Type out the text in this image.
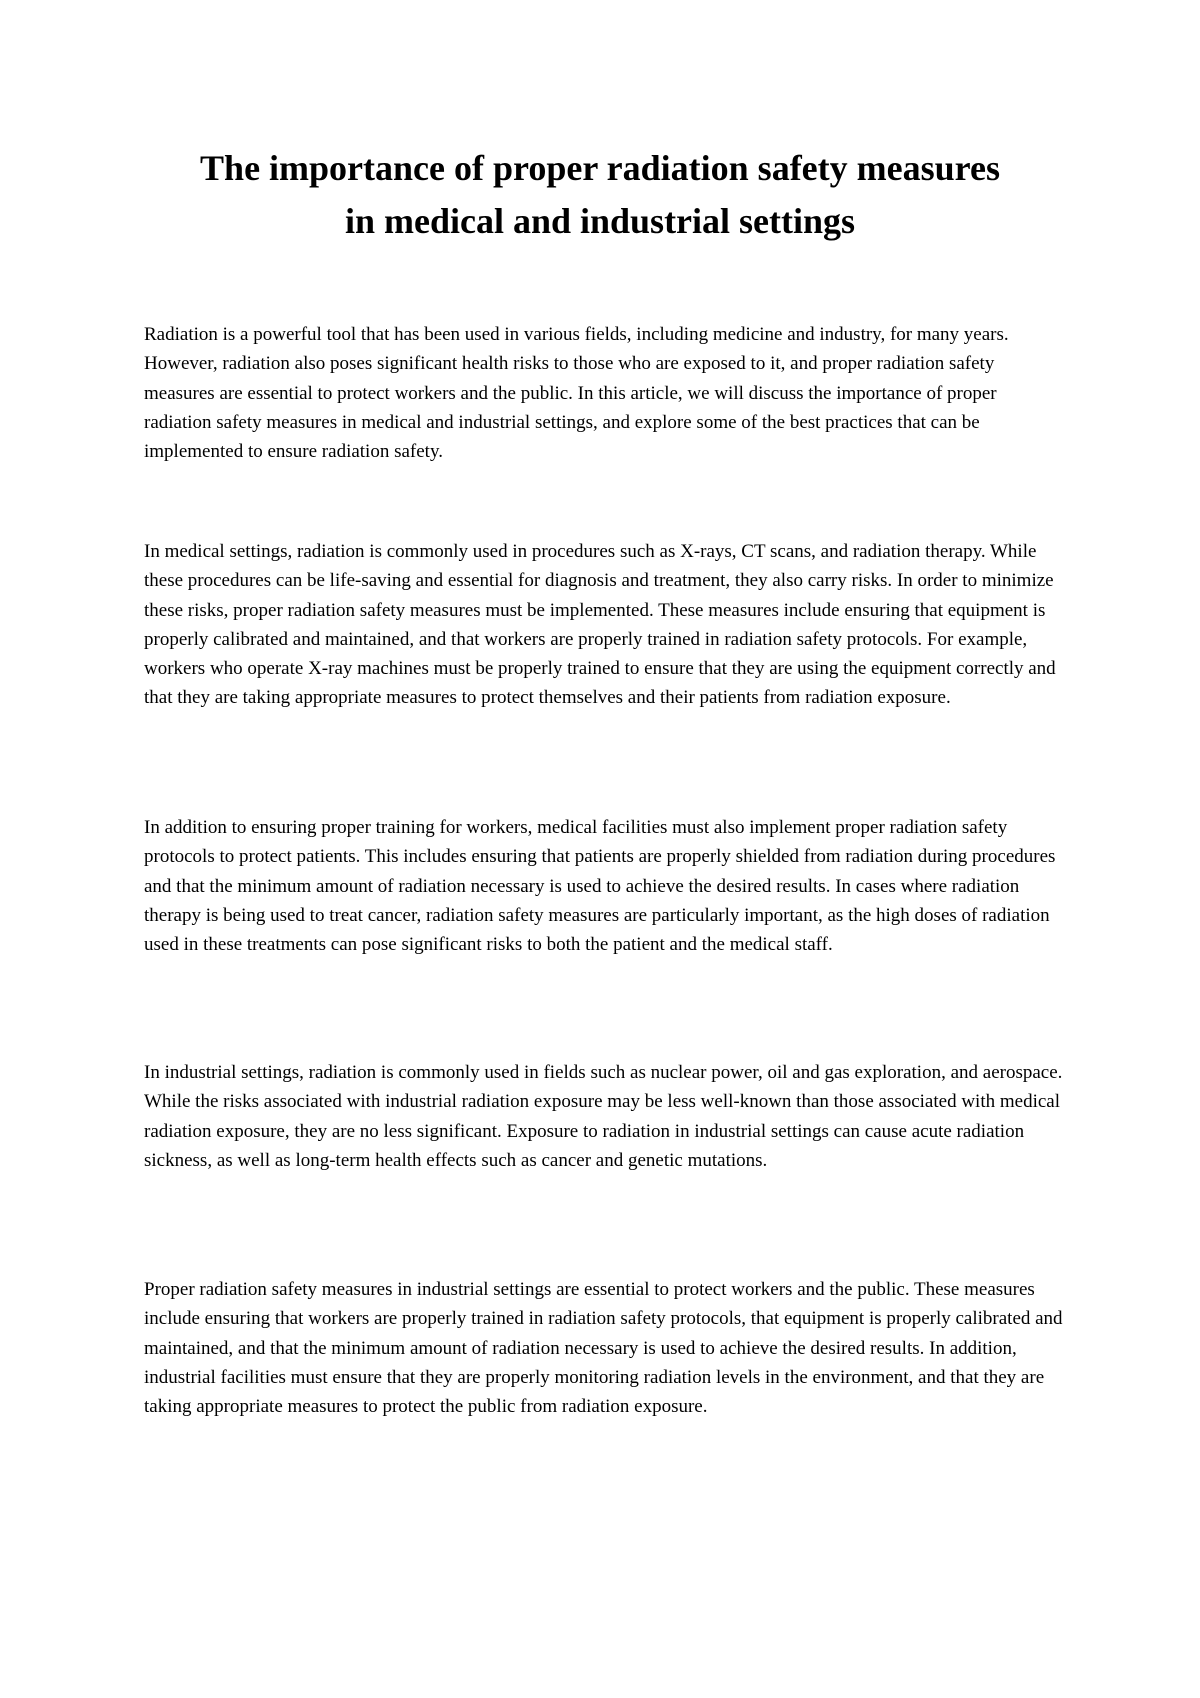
The importance of proper radiation safety measures
in medical and industrial settings

Radiation is a powerful tool that has been used in various fields, including medicine and industry, for many years. However, radiation also poses significant health risks to those who are exposed to it, and proper radiation safety measures are essential to protect workers and the public. In this article, we will discuss the importance of proper radiation safety measures in medical and industrial settings, and explore some of the best practices that can be implemented to ensure radiation safety.

In medical settings, radiation is commonly used in procedures such as X-rays, CT scans, and radiation therapy. While these procedures can be life-saving and essential for diagnosis and treatment, they also carry risks. In order to minimize these risks, proper radiation safety measures must be implemented. These measures include ensuring that equipment is properly calibrated and maintained, and that workers are properly trained in radiation safety protocols. For example, workers who operate X-ray machines must be properly trained to ensure that they are using the equipment correctly and that they are taking appropriate measures to protect themselves and their patients from radiation exposure.

In addition to ensuring proper training for workers, medical facilities must also implement proper radiation safety protocols to protect patients. This includes ensuring that patients are properly shielded from radiation during procedures and that the minimum amount of radiation necessary is used to achieve the desired results. In cases where radiation therapy is being used to treat cancer, radiation safety measures are particularly important, as the high doses of radiation used in these treatments can pose significant risks to both the patient and the medical staff.

In industrial settings, radiation is commonly used in fields such as nuclear power, oil and gas exploration, and aerospace. While the risks associated with industrial radiation exposure may be less well-known than those associated with medical radiation exposure, they are no less significant. Exposure to radiation in industrial settings can cause acute radiation sickness, as well as long-term health effects such as cancer and genetic mutations.

Proper radiation safety measures in industrial settings are essential to protect workers and the public. These measures include ensuring that workers are properly trained in radiation safety protocols, that equipment is properly calibrated and maintained, and that the minimum amount of radiation necessary is used to achieve the desired results. In addition, industrial facilities must ensure that they are properly monitoring radiation levels in the environment, and that they are taking appropriate measures to protect the public from radiation exposure.
